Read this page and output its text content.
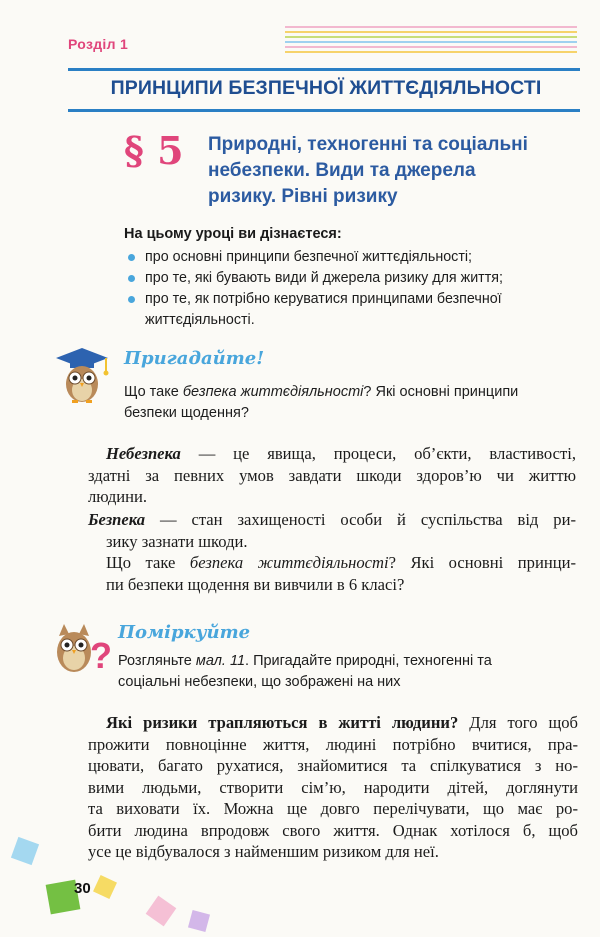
Розділ 1
ПРИНЦИПИ БЕЗПЕЧНОЇ ЖИТТЄДІЯЛЬНОСТІ
§ 5 Природні, техногенні та соціальні
небезпеки. Види та джерела
ризику. Рівні ризику
На цьому уроці ви дізнаєтеся:
про основні принципи безпечної життєдіяльності;
про те, які бувають види й джерела ризику для життя;
про те, як потрібно керуватися принципами безпечної
життєдіяльності.
Пригадайте!
Що таке безпека життєдіяльності? Які основні принципи
безпеки щодення?
Небезпека — це явища, процеси, об’єкти, властивості,
здатні за певних умов завдати шкоди здоров’ю чи життю
людини.
Безпека — стан захищеності особи й суспільства від ри-
зику зазнати шкоди.
Що таке безпека життєдіяльності? Які основні принци-
пи безпеки щодення ви вивчили в 6 класі?
?
Поміркуйте
Розгляньте мал. 11. Пригадайте природні, техногенні та
соціальні небезпеки, що зображені на них
Які ризики трапляються в житті людини? Для того щоб
прожити повноцінне життя, людині потрібно вчитися, пра-
цювати, багато рухатися, знайомитися та спілкуватися з но-
вими людьми, створити сім’ю, народити дітей, доглянути
та виховати їх. Можна ще довго перелічувати, що має ро-
бити людина впродовж свого життя. Однак хотілося б, щоб
усе це відбувалося з найменшим ризиком для неї.
30
